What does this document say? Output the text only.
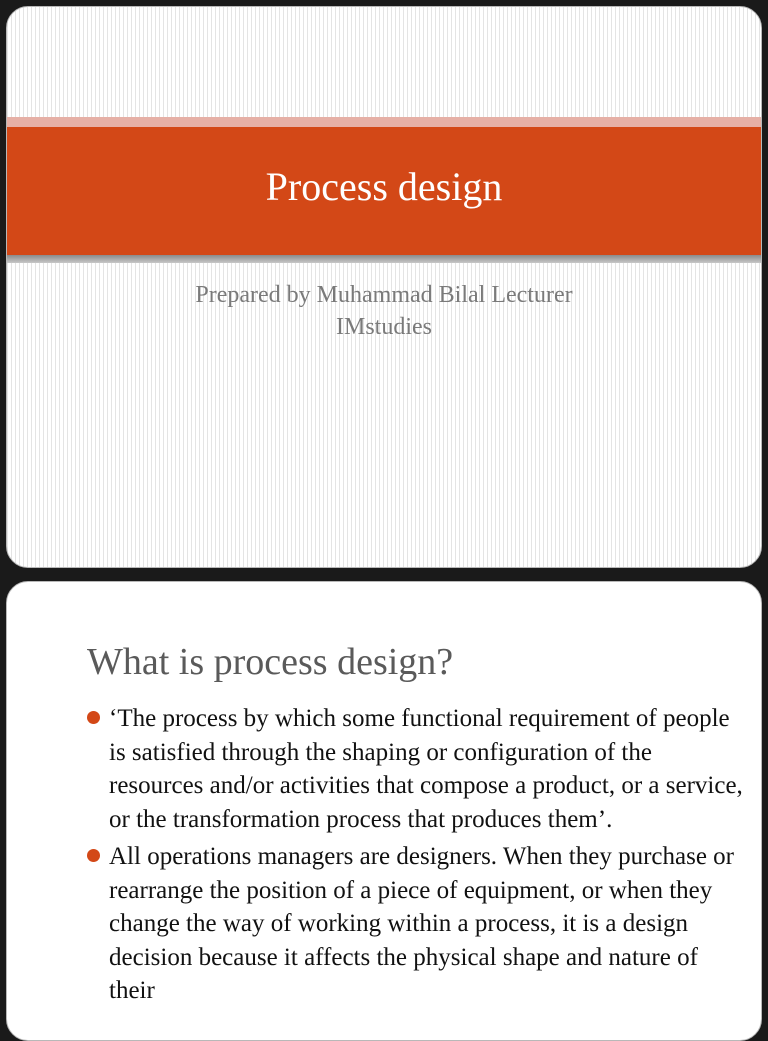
Process design
Prepared by Muhammad Bilal Lecturer
IMstudies
What is process design?
‘The process by which some functional requirement of people is satisfied through the shaping or configuration of the resources and/or activities that compose a product, or a service, or the transformation process that produces them’.
All operations managers are designers. When they purchase or rearrange the position of a piece of equipment, or when they change the way of working within a process, it is a design decision because it affects the physical shape and nature of their
